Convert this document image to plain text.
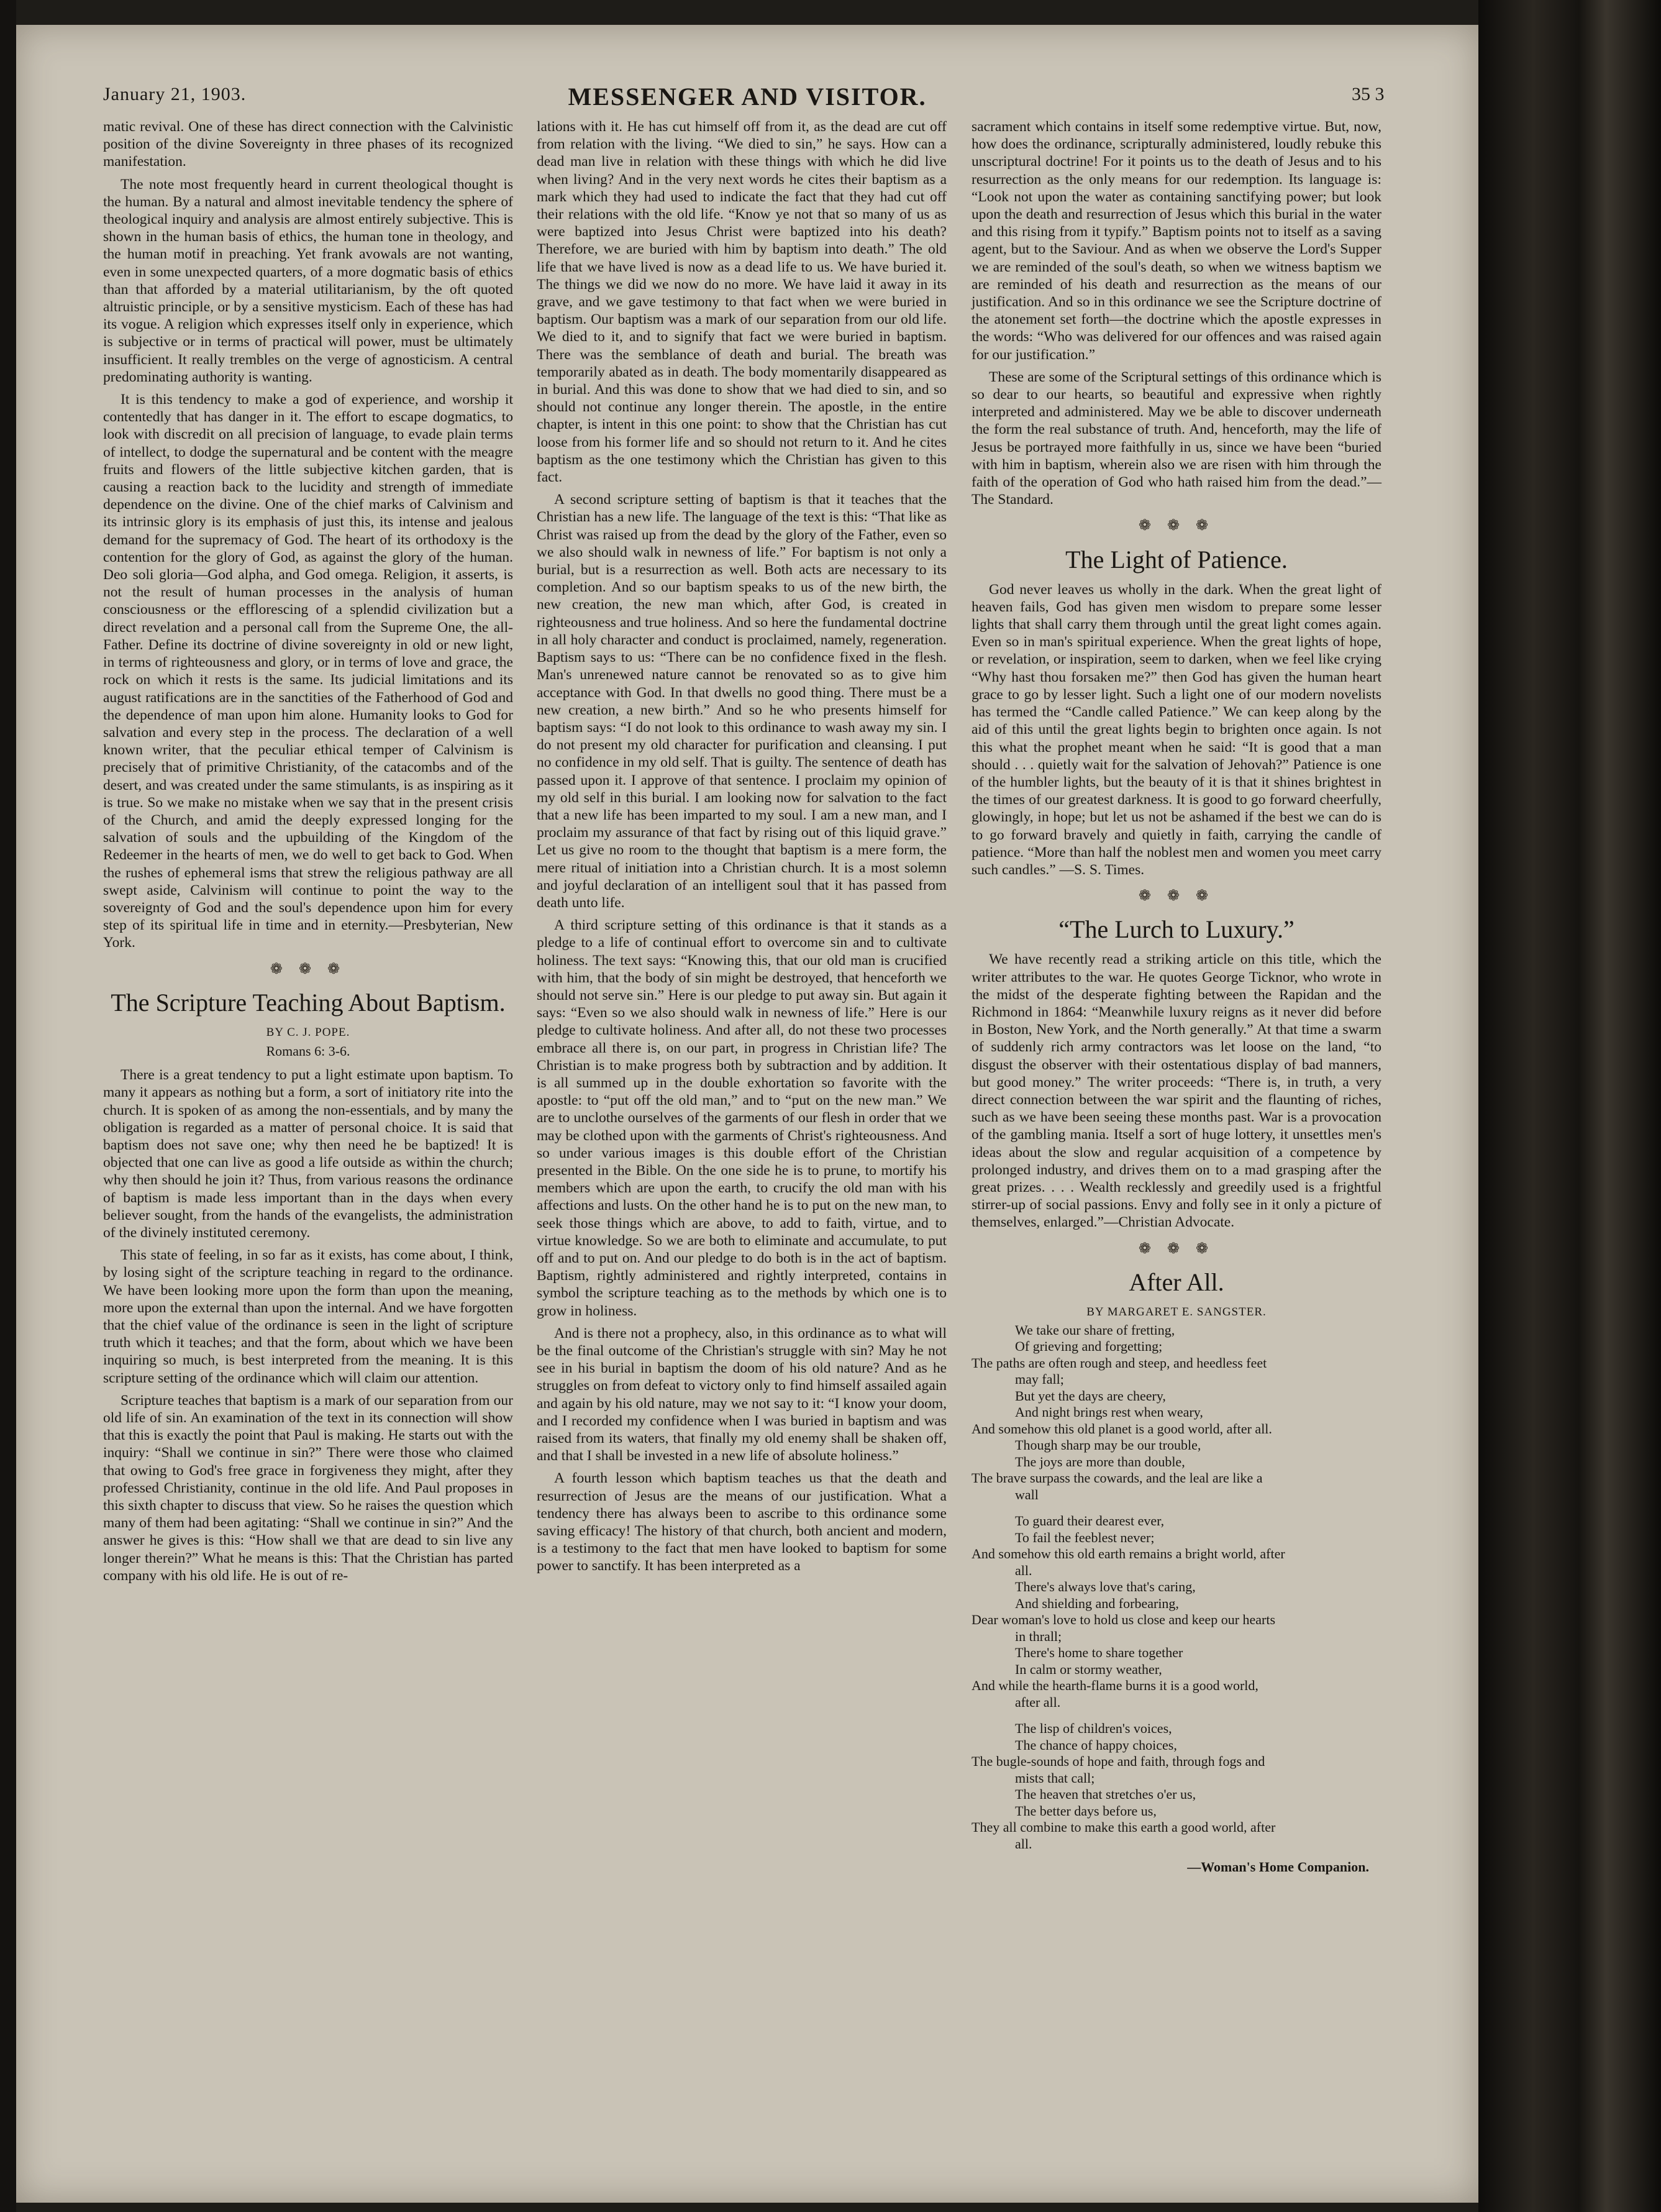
January 21, 1903.	MESSENGER AND VISITOR.	35 3

matic revival. One of these has direct connection with the Calvinistic position of the divine Sovereignty in three phases of its recognized manifestation.

The note most frequently heard in current theological thought is the human. By a natural and almost inevitable tendency the sphere of theological inquiry and analysis are almost entirely subjective. This is shown in the human basis of ethics, the human tone in theology, and the human motif in preaching. Yet frank avowals are not wanting, even in some unexpected quarters, of a more dogmatic basis of ethics than that afforded by a material utilitarianism, by the oft quoted altruistic principle, or by a sensitive mysticism. Each of these has had its vogue. A religion which expresses itself only in experience, which is subjective or in terms of practical will power, must be ultimately insufficient. It really trembles on the verge of agnosticism. A central predominating authority is wanting.

It is this tendency to make a god of experience, and worship it contentedly that has danger in it. The effort to escape dogmatics, to look with discredit on all precision of language, to evade plain terms of intellect, to dodge the supernatural and be content with the meagre fruits and flowers of the little subjective kitchen garden, that is causing a reaction back to the lucidity and strength of immediate dependence on the divine. One of the chief marks of Calvinism and its intrinsic glory is its emphasis of just this, its intense and jealous demand for the supremacy of God. The heart of its orthodoxy is the contention for the glory of God, as against the glory of the human. Deo soli gloria—God alpha, and God omega. Religion, it asserts, is not the result of human processes in the analysis of human consciousness or the efflorescing of a splendid civilization but a direct revelation and a personal call from the Supreme One, the all-Father. Define its doctrine of divine sovereignty in old or new light, in terms of righteousness and glory, or in terms of love and grace, the rock on which it rests is the same. Its judicial limitations and its august ratifications are in the sanctities of the Fatherhood of God and the dependence of man upon him alone. Humanity looks to God for salvation and every step in the process. The declaration of a well known writer, that the peculiar ethical temper of Calvinism is precisely that of primitive Christianity, of the catacombs and of the desert, and was created under the same stimulants, is as inspiring as it is true. So we make no mistake when we say that in the present crisis of the Church, and amid the deeply expressed longing for the salvation of souls and the upbuilding of the Kingdom of the Redeemer in the hearts of men, we do well to get back to God. When the rushes of ephemeral isms that strew the religious pathway are all swept aside, Calvinism will continue to point the way to the sovereignty of God and the soul's dependence upon him for every step of its spiritual life in time and in eternity.—Presbyterian, New York.

❁ ❁ ❁
The Scripture Teaching About Baptism.
BY C. J. POPE.
Romans 6: 3-6.

There is a great tendency to put a light estimate upon baptism. To many it appears as nothing but a form, a sort of initiatory rite into the church. It is spoken of as among the non-essentials, and by many the obligation is regarded as a matter of personal choice. It is said that baptism does not save one; why then need he be baptized! It is objected that one can live as good a life outside as within the church; why then should he join it? Thus, from various reasons the ordinance of baptism is made less important than in the days when every believer sought, from the hands of the evangelists, the administration of the divinely instituted ceremony.

This state of feeling, in so far as it exists, has come about, I think, by losing sight of the scripture teaching in regard to the ordinance. We have been looking more upon the form than upon the meaning, more upon the external than upon the internal. And we have forgotten that the chief value of the ordinance is seen in the light of scripture truth which it teaches; and that the form, about which we have been inquiring so much, is best interpreted from the meaning. It is this scripture setting of the ordinance which will claim our attention.

Scripture teaches that baptism is a mark of our separation from our old life of sin. An examination of the text in its connection will show that this is exactly the point that Paul is making. He starts out with the inquiry: “Shall we continue in sin?” There were those who claimed that owing to God's free grace in forgiveness they might, after they professed Christianity, continue in the old life. And Paul proposes in this sixth chapter to discuss that view. So he raises the question which many of them had been agitating: “Shall we continue in sin?” And the answer he gives is this: “How shall we that are dead to sin live any longer therein?” What he means is this: That the Christian has parted company with his old life. He is out of re-

lations with it. He has cut himself off from it, as the dead are cut off from relation with the living. “We died to sin,” he says. How can a dead man live in relation with these things with which he did live when living? And in the very next words he cites their baptism as a mark which they had used to indicate the fact that they had cut off their relations with the old life. “Know ye not that so many of us as were baptized into Jesus Christ were baptized into his death? Therefore, we are buried with him by baptism into death.” The old life that we have lived is now as a dead life to us. We have buried it. The things we did we now do no more. We have laid it away in its grave, and we gave testimony to that fact when we were buried in baptism. Our baptism was a mark of our separation from our old life. We died to it, and to signify that fact we were buried in baptism. There was the semblance of death and burial. The breath was temporarily abated as in death. The body momentarily disappeared as in burial. And this was done to show that we had died to sin, and so should not continue any longer therein. The apostle, in the entire chapter, is intent in this one point: to show that the Christian has cut loose from his former life and so should not return to it. And he cites baptism as the one testimony which the Christian has given to this fact.

A second scripture setting of baptism is that it teaches that the Christian has a new life. The language of the text is this: “That like as Christ was raised up from the dead by the glory of the Father, even so we also should walk in newness of life.” For baptism is not only a burial, but is a resurrection as well. Both acts are necessary to its completion. And so our baptism speaks to us of the new birth, the new creation, the new man which, after God, is created in righteousness and true holiness. And so here the fundamental doctrine in all holy character and conduct is proclaimed, namely, regeneration. Baptism says to us: “There can be no confidence fixed in the flesh. Man's unrenewed nature cannot be renovated so as to give him acceptance with God. In that dwells no good thing. There must be a new creation, a new birth.” And so he who presents himself for baptism says: “I do not look to this ordinance to wash away my sin. I do not present my old character for purification and cleansing. I put no confidence in my old self. That is guilty. The sentence of death has passed upon it. I approve of that sentence. I proclaim my opinion of my old self in this burial. I am looking now for salvation to the fact that a new life has been imparted to my soul. I am a new man, and I proclaim my assurance of that fact by rising out of this liquid grave.” Let us give no room to the thought that baptism is a mere form, the mere ritual of initiation into a Christian church. It is a most solemn and joyful declaration of an intelligent soul that it has passed from death unto life.

A third scripture setting of this ordinance is that it stands as a pledge to a life of continual effort to overcome sin and to cultivate holiness. The text says: “Knowing this, that our old man is crucified with him, that the body of sin might be destroyed, that henceforth we should not serve sin.” Here is our pledge to put away sin. But again it says: “Even so we also should walk in newness of life.” Here is our pledge to cultivate holiness. And after all, do not these two processes embrace all there is, on our part, in progress in Christian life? The Christian is to make progress both by subtraction and by addition. It is all summed up in the double exhortation so favorite with the apostle: to “put off the old man,” and to “put on the new man.” We are to unclothe ourselves of the garments of our flesh in order that we may be clothed upon with the garments of Christ's righteousness. And so under various images is this double effort of the Christian presented in the Bible. On the one side he is to prune, to mortify his members which are upon the earth, to crucify the old man with his affections and lusts. On the other hand he is to put on the new man, to seek those things which are above, to add to faith, virtue, and to virtue knowledge. So we are both to eliminate and accumulate, to put off and to put on. And our pledge to do both is in the act of baptism. Baptism, rightly administered and rightly interpreted, contains in symbol the scripture teaching as to the methods by which one is to grow in holiness.

And is there not a prophecy, also, in this ordinance as to what will be the final outcome of the Christian's struggle with sin? May he not see in his burial in baptism the doom of his old nature? And as he struggles on from defeat to victory only to find himself assailed again and again by his old nature, may we not say to it: “I know your doom, and I recorded my confidence when I was buried in baptism and was raised from its waters, that finally my old enemy shall be shaken off, and that I shall be invested in a new life of absolute holiness.”

A fourth lesson which baptism teaches us that the death and resurrection of Jesus are the means of our justification. What a tendency there has always been to ascribe to this ordinance some saving efficacy! The history of that church, both ancient and modern, is a testimony to the fact that men have looked to baptism for some power to sanctify. It has been interpreted as a

sacrament which contains in itself some redemptive virtue. But, now, how does the ordinance, scripturally administered, loudly rebuke this unscriptural doctrine! For it points us to the death of Jesus and to his resurrection as the only means for our redemption. Its language is: “Look not upon the water as containing sanctifying power; but look upon the death and resurrection of Jesus which this burial in the water and this rising from it typify.” Baptism points not to itself as a saving agent, but to the Saviour. And as when we observe the Lord's Supper we are reminded of the soul's death, so when we witness baptism we are reminded of his death and resurrection as the means of our justification. And so in this ordinance we see the Scripture doctrine of the atonement set forth—the doctrine which the apostle expresses in the words: “Who was delivered for our offences and was raised again for our justification.”

These are some of the Scriptural settings of this ordinance which is so dear to our hearts, so beautiful and expressive when rightly interpreted and administered. May we be able to discover underneath the form the real substance of truth. And, henceforth, may the life of Jesus be portrayed more faithfully in us, since we have been “buried with him in baptism, wherein also we are risen with him through the faith of the operation of God who hath raised him from the dead.”—The Standard.

❁ ❁ ❁
The Light of Patience.

God never leaves us wholly in the dark. When the great light of heaven fails, God has given men wisdom to prepare some lesser lights that shall carry them through until the great light comes again. Even so in man's spiritual experience. When the great lights of hope, or revelation, or inspiration, seem to darken, when we feel like crying “Why hast thou forsaken me?” then God has given the human heart grace to go by lesser light. Such a light one of our modern novelists has termed the “Candle called Patience.” We can keep along by the aid of this until the great lights begin to brighten once again. Is not this what the prophet meant when he said: “It is good that a man should . . . quietly wait for the salvation of Jehovah?” Patience is one of the humbler lights, but the beauty of it is that it shines brightest in the times of our greatest darkness. It is good to go forward cheerfully, glowingly, in hope; but let us not be ashamed if the best we can do is to go forward bravely and quietly in faith, carrying the candle of patience. “More than half the noblest men and women you meet carry such candles.” —S. S. Times.

❁ ❁ ❁
“The Lurch to Luxury.”

We have recently read a striking article on this title, which the writer attributes to the war. He quotes George Ticknor, who wrote in the midst of the desperate fighting between the Rapidan and the Richmond in 1864: “Meanwhile luxury reigns as it never did before in Boston, New York, and the North generally.” At that time a swarm of suddenly rich army contractors was let loose on the land, “to disgust the observer with their ostentatious display of bad manners, but good money.” The writer proceeds: “There is, in truth, a very direct connection between the war spirit and the flaunting of riches, such as we have been seeing these months past. War is a provocation of the gambling mania. Itself a sort of huge lottery, it unsettles men's ideas about the slow and regular acquisition of a competence by prolonged industry, and drives them on to a mad grasping after the great prizes. . . . Wealth recklessly and greedily used is a frightful stirrer-up of social passions. Envy and folly see in it only a picture of themselves, enlarged.”—Christian Advocate.

❁ ❁ ❁
After All.
BY MARGARET E. SANGSTER.
We take our share of fretting,
Of grieving and forgetting;
The paths are often rough and steep, and heedless feet
may fall;
But yet the days are cheery,
And night brings rest when weary,
And somehow this old planet is a good world, after all.
Though sharp may be our trouble,
The joys are more than double,
The brave surpass the cowards, and the leal are like a
wall
To guard their dearest ever,
To fail the feeblest never;
And somehow this old earth remains a bright world, after
all.
There's always love that's caring,
And shielding and forbearing,
Dear woman's love to hold us close and keep our hearts
in thrall;
There's home to share together
In calm or stormy weather,
And while the hearth-flame burns it is a good world,
after all.
The lisp of children's voices,
The chance of happy choices,
The bugle-sounds of hope and faith, through fogs and
mists that call;
The heaven that stretches o'er us,
The better days before us,
They all combine to make this earth a good world, after
all.
—Woman's Home Companion.
